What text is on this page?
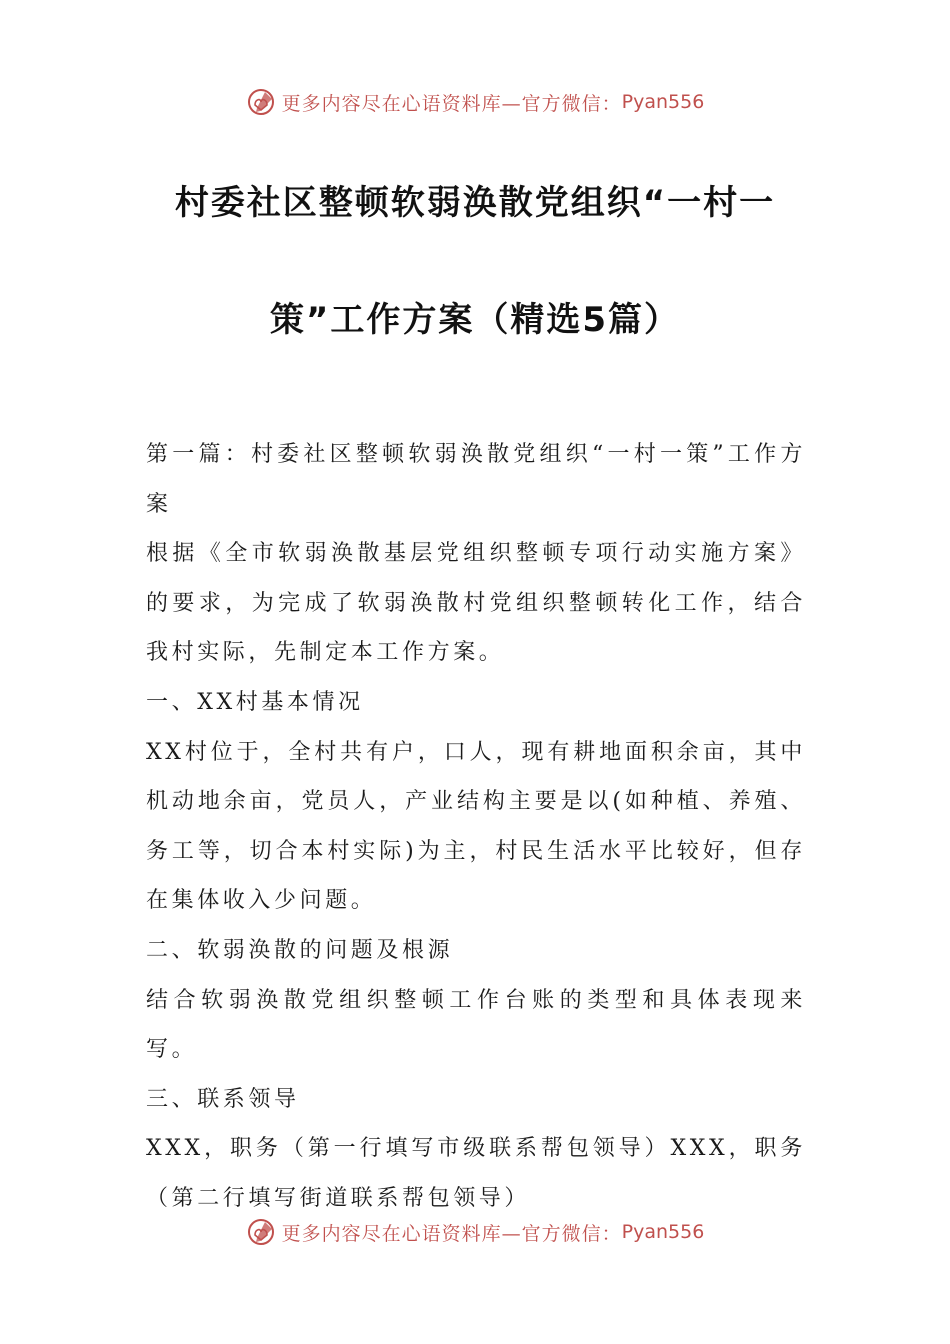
更多内容尽在心语资料库—官方微信： Pyan556
村委社区整顿软弱涣散党组织“一村一
策”工作方案（精选5篇）

第一篇：村委社区整顿软弱涣散党组织“一村一策”工作方案

根据《全市软弱涣散基层党组织整顿专项行动实施方案》的要求，为完成了软弱涣散村党组织整顿转化工作，结合我村实际，先制定本工作方案。

一、XX村基本情况

XX村位于，全村共有户，口人，现有耕地面积余亩，其中机动地余亩，党员人，产业结构主要是以(如种植、养殖、务工等，切合本村实际)为主，村民生活水平比较好，但存在集体收入少问题。

二、软弱涣散的问题及根源

结合软弱涣散党组织整顿工作台账的类型和具体表现来写。

三、联系领导

XXX，职务（第一行填写市级联系帮包领导）XXX，职务（第二行填写街道联系帮包领导）

更多内容尽在心语资料库—官方微信： Pyan556
